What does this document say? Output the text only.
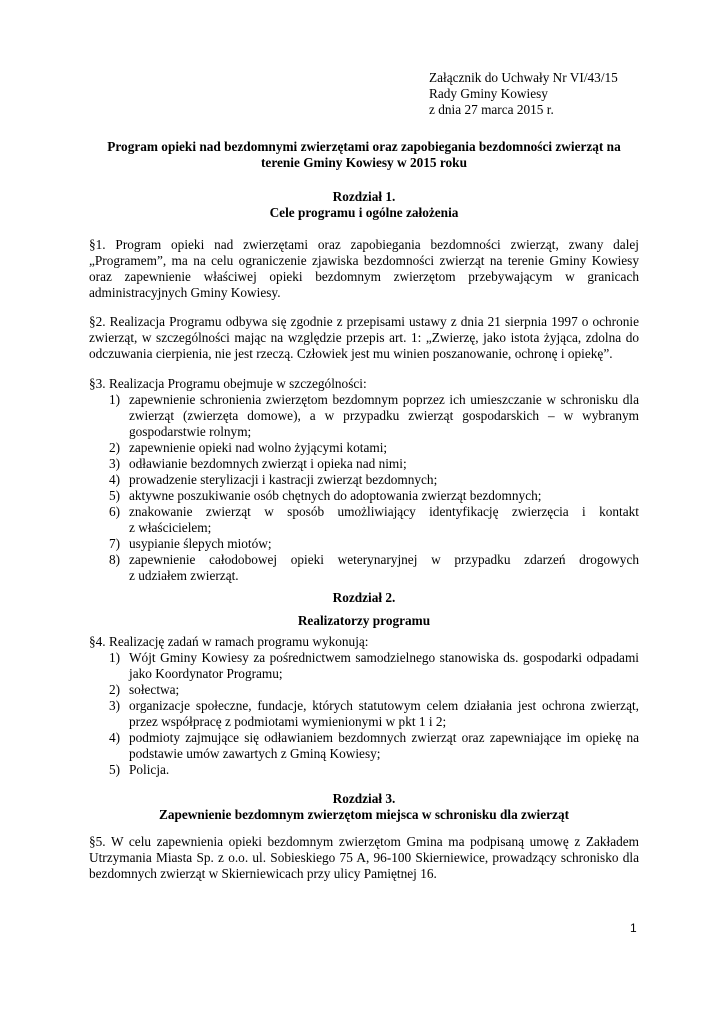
Załącznik do Uchwały Nr VI/43/15
Rady Gminy Kowiesy
z dnia 27 marca 2015 r.
Program opieki nad bezdomnymi zwierzętami oraz zapobiegania bezdomności zwierząt na
terenie Gminy Kowiesy w 2015 roku
Rozdział 1.
Cele programu i ogólne założenia

§1. Program opieki nad zwierzętami oraz zapobiegania bezdomności zwierząt, zwany dalej

„Programem”, ma na celu ograniczenie zjawiska bezdomności zwierząt na terenie Gminy Kowiesy

oraz zapewnienie właściwej opieki bezdomnym zwierzętom przebywającym w granicach

administracyjnych Gminy Kowiesy.

§2. Realizacja Programu odbywa się zgodnie z przepisami ustawy z dnia 21 sierpnia 1997 o ochronie

zwierząt, w szczególności mając na względzie przepis art. 1: „Zwierzę, jako istota żyjąca, zdolna do

odczuwania cierpienia, nie jest rzeczą. Człowiek jest mu winien poszanowanie, ochronę i opiekę”.

§3. Realizacja Programu obejmuje w szczególności:
1) zapewnienie schronienia zwierzętom bezdomnym poprzez ich umieszczanie w schronisku dla
zwierząt (zwierzęta domowe), a w przypadku zwierząt gospodarskich – w wybranym
gospodarstwie rolnym;
2) zapewnienie opieki nad wolno żyjącymi kotami;
3) odławianie bezdomnych zwierząt i opieka nad nimi;
4) prowadzenie sterylizacji i kastracji zwierząt bezdomnych;
5) aktywne poszukiwanie osób chętnych do adoptowania zwierząt bezdomnych;
6) znakowanie zwierząt w sposób umożliwiający identyfikację zwierzęcia i kontakt
z właścicielem;
7) usypianie ślepych miotów;
8) zapewnienie całodobowej opieki weterynaryjnej w przypadku zdarzeń drogowych
z udziałem zwierząt.
Rozdział 2.
Realizatorzy programu
§4. Realizację zadań w ramach programu wykonują:
1) Wójt Gminy Kowiesy za pośrednictwem samodzielnego stanowiska ds. gospodarki odpadami
jako Koordynator Programu;
2) sołectwa;
3) organizacje społeczne, fundacje, których statutowym celem działania jest ochrona zwierząt,
przez współpracę z podmiotami wymienionymi w pkt 1 i 2;
4) podmioty zajmujące się odławianiem bezdomnych zwierząt oraz zapewniające im opiekę na
podstawie umów zawartych z Gminą Kowiesy;
5) Policja.
Rozdział 3.
Zapewnienie bezdomnym zwierzętom miejsca w schronisku dla zwierząt

§5. W celu zapewnienia opieki bezdomnym zwierzętom Gmina ma podpisaną umowę z Zakładem

Utrzymania Miasta Sp. z o.o. ul. Sobieskiego 75 A, 96-100 Skierniewice, prowadzący schronisko dla

bezdomnych zwierząt w Skierniewicach przy ulicy Pamiętnej 16.

1
